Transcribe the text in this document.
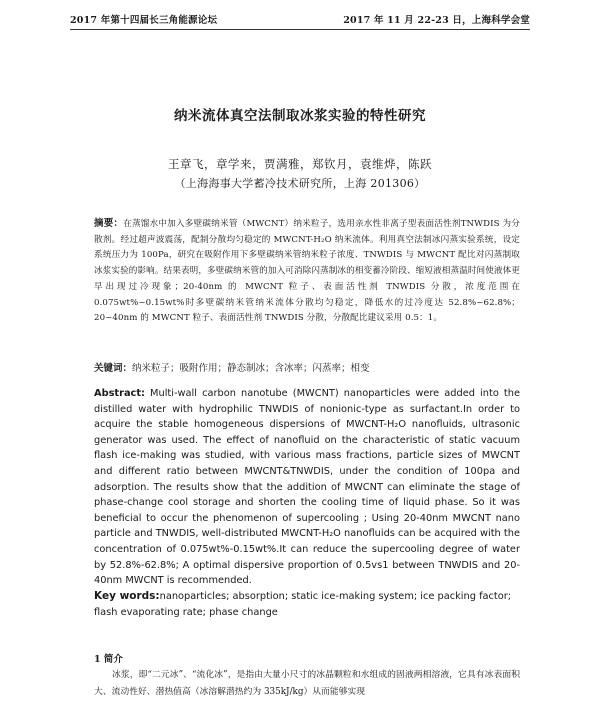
2017 年第十四届长三角能源论坛	2017 年 11 月 22-23 日，上海科学会堂
纳米流体真空法制取冰浆实验的特性研究
王章飞，章学来，贾满雅，郑钦月，袁维烨，陈跃
（上海海事大学蓄冷技术研究所，上海 201306）
摘要：在蒸馏水中加入多壁碳纳米管（MWCNT）纳米粒子，选用亲水性非离子型表面活性剂TNWDIS 为分散剂。经过超声波震荡，配制分散均匀稳定的 MWCNT-H₂O 纳米流体。利用真空法制冰闪蒸实验系统，设定系统压力为 100Pa，研究在吸附作用下多壁碳纳米管纳米粒子浓度、TNWDIS 与 MWCNT 配比对闪蒸制取冰浆实验的影响。结果表明，多壁碳纳米管的加入可消除闪蒸制冰的相变蓄冷阶段、缩短液相蒸温时间使液体更早出现过冷现象；20-40nm 的 MWCNT 粒子、表面活性剂 TNWDIS 分散，浓度范围在 0.075wt%~0.15wt%时多壁碳纳米管纳米流体分散均匀稳定，降低水的过冷度达 52.8%~62.8%；20~40nm 的 MWCNT 粒子、表面活性剂 TNWDIS 分散，分散配比建议采用 0.5：1。
关键词：纳米粒子；吸附作用；静态制冰；含冰率；闪蒸率；相变
Abstract: Multi-wall carbon nanotube (MWCNT) nanoparticles were added into the distilled water with hydrophilic TNWDIS of nonionic-type as surfactant.In order to acquire the stable homogeneous dispersions of MWCNT-H₂O nanofluids, ultrasonic generator was used. The effect of nanofluid on the characteristic of static vacuum flash ice-making was studied, with various mass fractions, particle sizes of MWCNT and different ratio between MWCNT&TNWDIS, under the condition of 100pa and adsorption. The results show that the addition of MWCNT can eliminate the stage of phase-change cool storage and shorten the cooling time of liquid phase. So it was beneficial to occur the phenomenon of supercooling ; Using 20-40nm MWCNT nano particle and TNWDIS, well-distributed MWCNT-H₂O nanofluids can be acquired with the concentration of 0.075wt%-0.15wt%.It can reduce the supercooling degree of water by 52.8%-62.8%; A optimal dispersive proportion of 0.5vs1 between TNWDIS and 20-40nm MWCNT is recommended.
Key words:nanoparticles; absorption; static ice-making system; ice packing factor; flash evaporating rate; phase change
1 简介
冰浆，即“二元冰”、“流化冰”，是指由大量小尺寸的冰晶颗粒和水组成的固液两相溶液，它具有冰表面积大、流动性好、潜热值高（冰溶解潜热约为 335kJ/kg）从而能够实现
